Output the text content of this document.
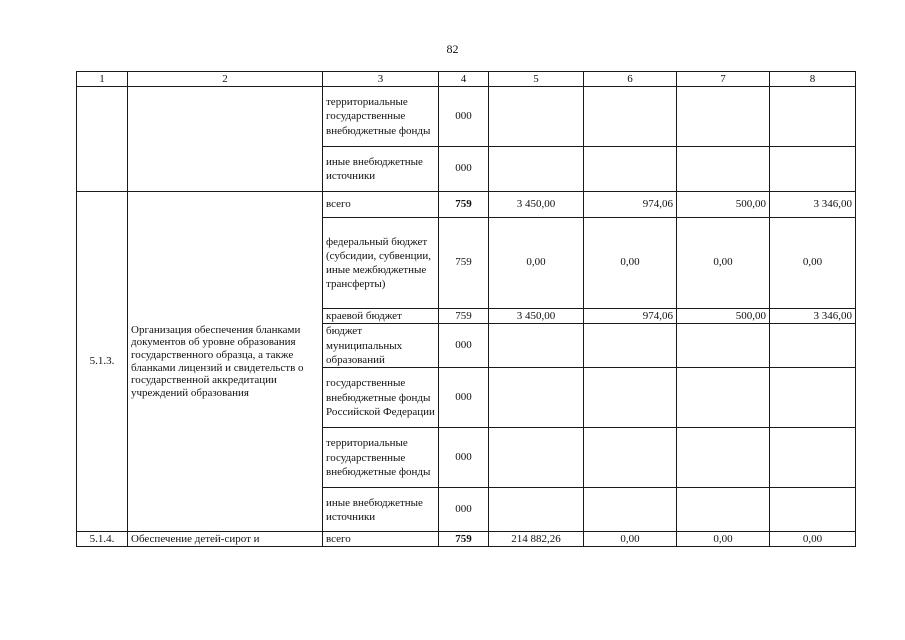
82
1	2	3	4	5	6	7	8
		территориальные государственные внебюджетные фонды	000				
		иные внебюджетные источники	000				
5.1.3.	Организация обеспечения бланками документов об уровне образования государственного образца, а также бланками лицензий и свидетельств о государственной аккредитации учреждений образования	всего	759	3 450,00	974,06	500,00	3 346,00
		федеральный бюджет (субсидии, субвенции, иные межбюджетные трансферты)	759	0,00	0,00	0,00	0,00
		краевой бюджет	759	3 450,00	974,06	500,00	3 346,00
		бюджет муниципальных образований	000				
		государственные внебюджетные фонды Российской Федерации	000				
		территориальные государственные внебюджетные фонды	000				
		иные внебюджетные источники	000				
5.1.4.	Обеспечение детей-сирот и	всего	759	214 882,26	0,00	0,00	0,00
